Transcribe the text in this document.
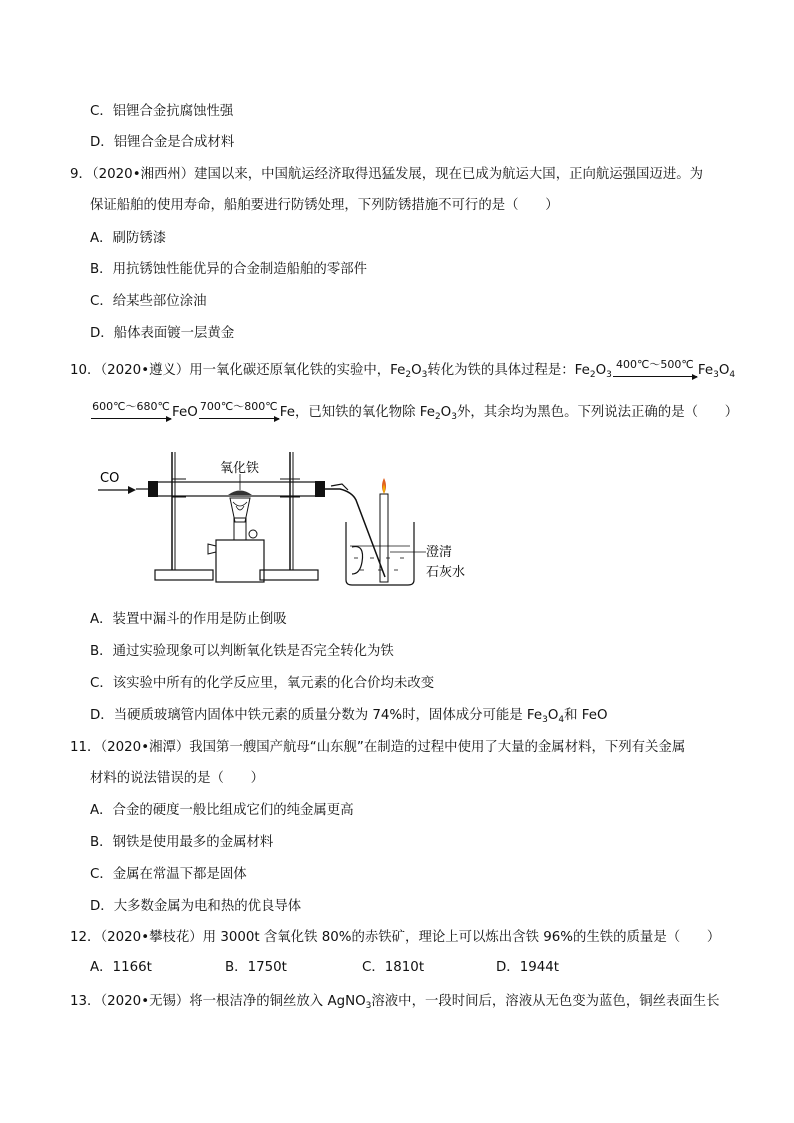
C．铝锂合金抗腐蚀性强
D．铝锂合金是合成材料
9．（2020•湘西州）建国以来，中国航运经济取得迅猛发展，现在已成为航运大国，正向航运强国迈进。为
保证船舶的使用寿命，船舶要进行防锈处理，下列防锈措施不可行的是（　　）
A．刷防锈漆
B．用抗锈蚀性能优异的合金制造船舶的零部件
C．给某些部位涂油
D．船体表面镀一层黄金
10．（2020•遵义）用一氧化碳还原氧化铁的实验中，$Fe_2O_3$转化为铁的具体过程是：$Fe_2O_3$
400℃～500℃ $Fe_3O_4$
600℃～680℃ FeO 700℃～800℃ Fe，已知铁的氧化物除 $Fe_2O_3$外，其余均为黑色。下列说法正确的是（　　）
CO
氧化铁
澄清
石灰水
A．装置中漏斗的作用是防止倒吸
B．通过实验现象可以判断氧化铁是否完全转化为铁
C．该实验中所有的化学反应里，氧元素的化合价均未改变
D．当硬质玻璃管内固体中铁元素的质量分数为 74%时，固体成分可能是 $Fe_3O_4$和 FeO
11．（2020•湘潭）我国第一艘国产航母“山东舰”在制造的过程中使用了大量的金属材料，下列有关金属
材料的说法错误的是（　　）
A．合金的硬度一般比组成它们的纯金属更高
B．钢铁是使用最多的金属材料
C．金属在常温下都是固体
D．大多数金属为电和热的优良导体
12．（2020•攀枝花）用 3000t 含氧化铁 80%的赤铁矿，理论上可以炼出含铁 96%的生铁的质量是（　　）
A．1166t	B．1750t	C．1810t	D．1944t
13．（2020•无锡）将一根洁净的铜丝放入 AgNO$_3$溶液中，一段时间后，溶液从无色变为蓝色，铜丝表面生长
